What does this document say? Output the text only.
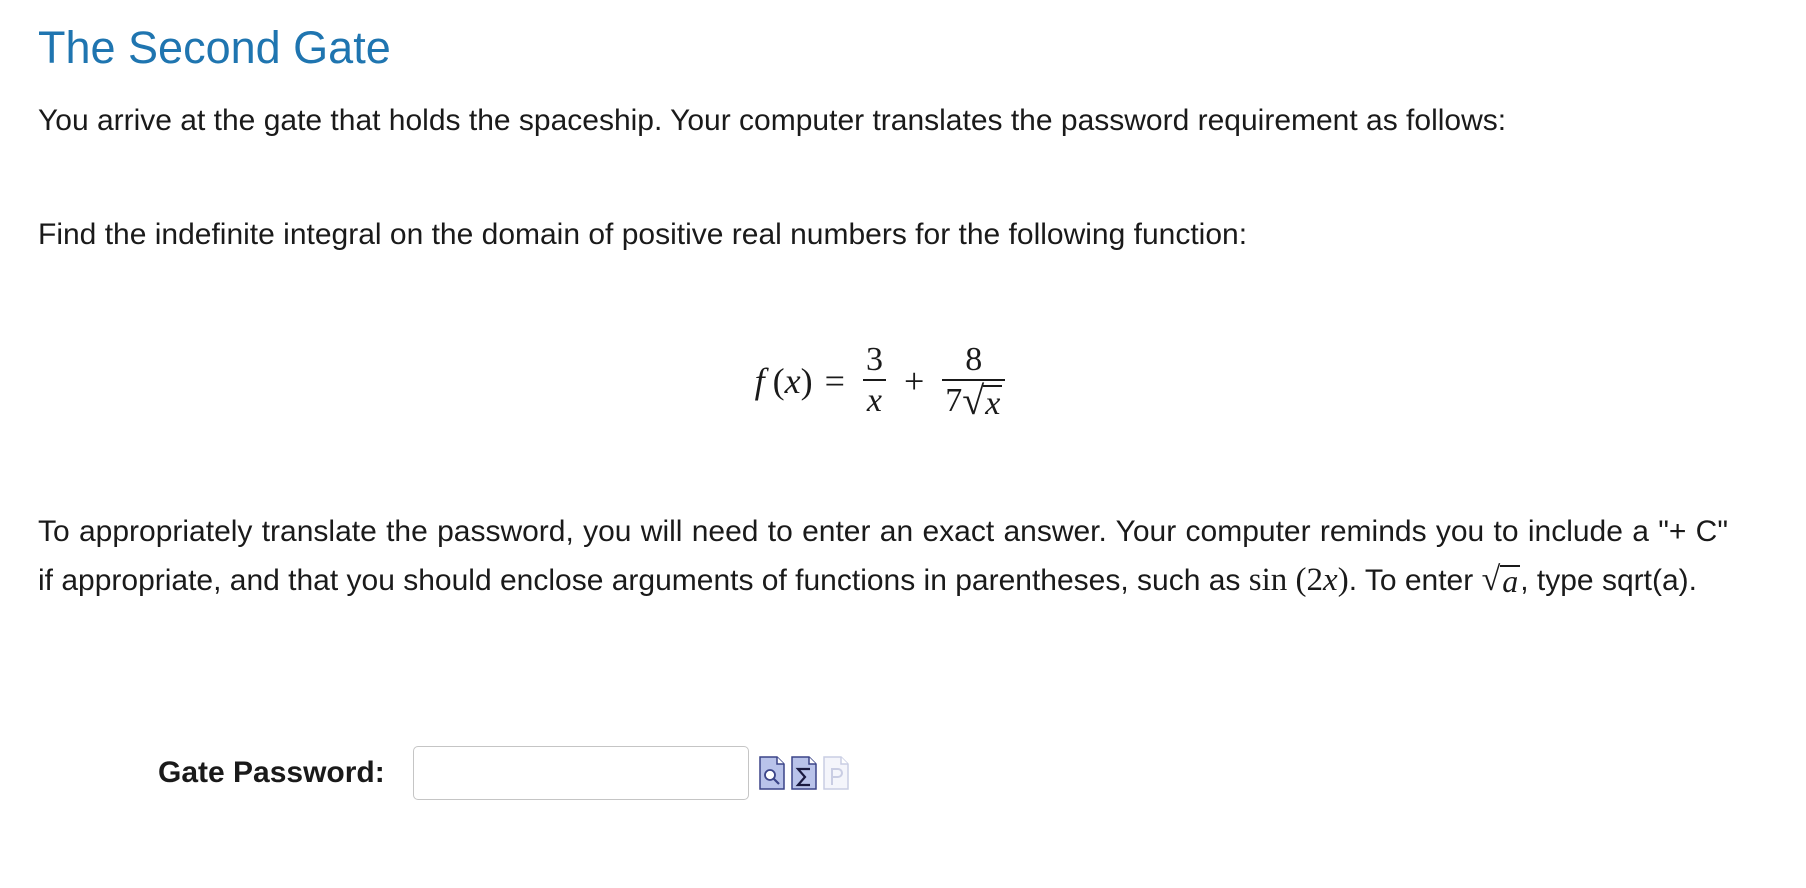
The Second Gate

You arrive at the gate that holds the spaceship. Your computer translates the password requirement as follows:

Find the indefinite integral on the domain of positive real numbers for the following function:

f $(x) = \frac{3}{x} + \frac{8}{7 √ x}$

To appropriately translate the password, you will need to enter an exact answer. Your computer reminds you to include a "+ C" if appropriate, and that you should enclose arguments of functions in parentheses, such as sin (2x). To enter √ a , type sqrt(a).

Gate Password:
